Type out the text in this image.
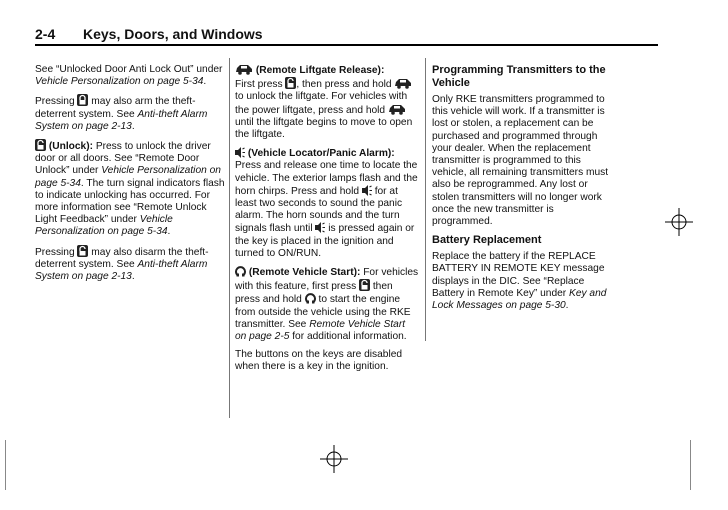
2-4 Keys, Doors, and Windows

See “Unlocked Door Anti Lock Out” under Vehicle Personalization on page 5-34.

Pressing  may also arm the theft-deterrent system. See Anti-theft Alarm System on page 2-13.

(Unlock): Press to unlock the driver door or all doors. See “Remote Door Unlock” under Vehicle Personalization on page 5-34. The turn signal indicators flash to indicate unlocking has occurred. For more information see “Remote Unlock Light Feedback” under Vehicle Personalization on page 5-34.

Pressing  may also disarm the theft-deterrent system. See Anti-theft Alarm System on page 2-13.

(Remote Liftgate Release):
First press , then press and hold  to unlock the liftgate. For vehicles with the power liftgate, press and hold  until the liftgate begins to move to open the liftgate.

(Vehicle Locator/Panic Alarm): Press and release one time to locate the vehicle. The exterior lamps flash and the horn chirps. Press and hold  for at least two seconds to sound the panic alarm. The horn sounds and the turn signals flash until  is pressed again or the key is placed in the ignition and turned to ON/RUN.

(Remote Vehicle Start): For vehicles with this feature, first press  then press and hold  to start the engine from outside the vehicle using the RKE transmitter. See Remote Vehicle Start on page 2-5 for additional information.

The buttons on the keys are disabled when there is a key in the ignition.

Programming Transmitters to the Vehicle

Only RKE transmitters programmed to this vehicle will work. If a transmitter is lost or stolen, a replacement can be purchased and programmed through your dealer. When the replacement transmitter is programmed to this vehicle, all remaining transmitters must also be reprogrammed. Any lost or stolen transmitters will no longer work once the new transmitter is programmed.

Battery Replacement

Replace the battery if the REPLACE BATTERY IN REMOTE KEY message displays in the DIC. See “Replace Battery in Remote Key” under Key and Lock Messages on page 5-30.
